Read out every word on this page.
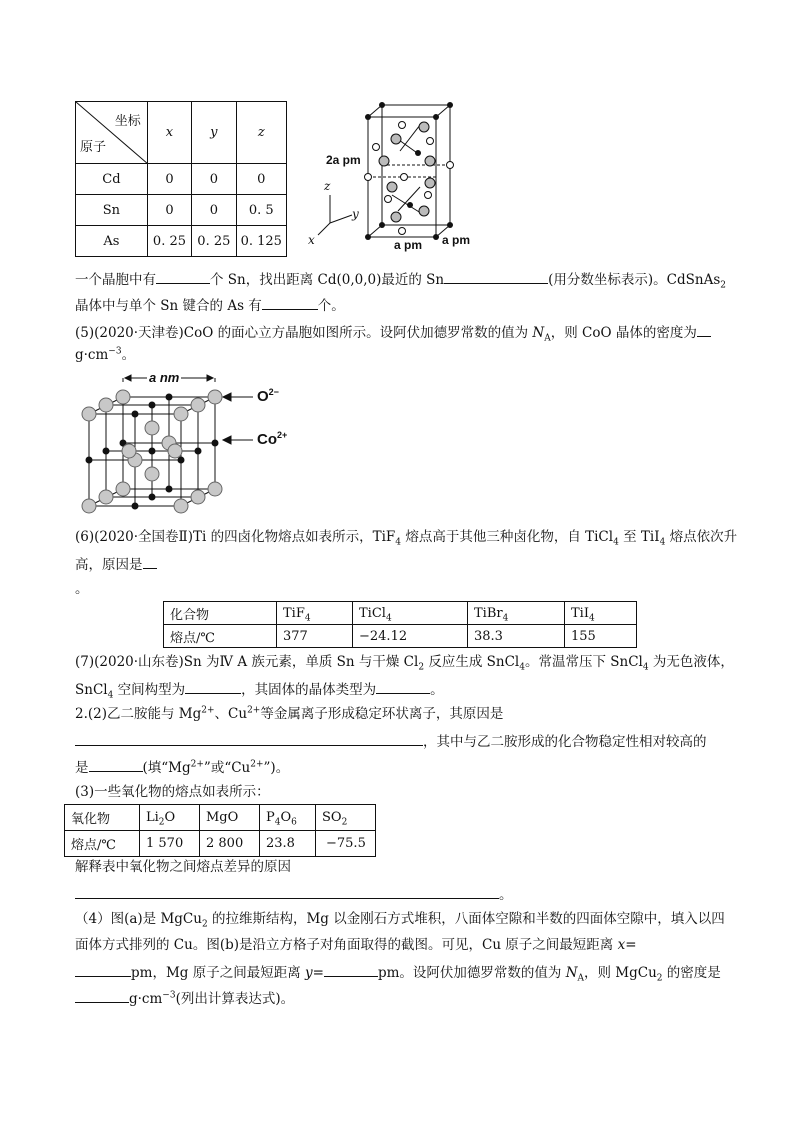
坐标
原子	x	y	z
Cd	0	0	0
Sn	0	0	0. 5
As	0. 25	0. 25	0. 125
2a pm
z
y
x	a pm a pm
一个晶胞中有	个 Sn，找出距离 Cd(0,0,0)最近的 Sn	(用分数坐标表示)。CdSnAs$_2$
晶体中与单个 Sn 键合的 As 有	个。
(5)(2020·天津卷)CoO 的面心立方晶胞如图所示。设阿伏加德罗常数的值为 $N_A$，则 CoO 晶体的密度为
$g\cdot cm^{-3}$。
a nm
$O^{2-}$
$Co^{2+}$
(6)(2020·全国卷Ⅱ)Ti 的四卤化物熔点如表所示，TiF$_4$ 熔点高于其他三种卤化物，自 TiCl$_4$ 至 TiI$_4$ 熔点依次升
高，原因是
。
化合物	TiF$_4$	TiCl$_4$	TiBr$_4$	TiI$_4$
熔点/℃	377	−24.12	38.3	155
(7)(2020·山东卷)Sn 为Ⅳ A 族元素，单质 Sn 与干燥 $Cl_2$ 反应生成 SnCl$_4$。常温常压下 SnCl$_4$ 为无色液体，
SnCl$_4$ 空间构型为	，其固体的晶体类型为	。
2.(2)乙二胺能与 $Mg^{2+}$、$Cu^{2+}$等金属离子形成稳定环状离子，其原因是
，其中与乙二胺形成的化合物稳定性相对较高的
是	(填“$Mg^{2+}$”或“$Cu^{2+}$”)。
(3)一些氧化物的熔点如表所示：
氧化物	$Li_2O$	MgO	$P_4O_6$	$SO_2$
熔点/℃	1 570	2 800	23.8	−75.5
解释表中氧化物之间熔点差异的原因
。
（4）图(a)是 MgCu$_2$ 的拉维斯结构，Mg 以金刚石方式堆积，八面体空隙和半数的四面体空隙中，填入以四
面体方式排列的 Cu。图(b)是沿立方格子对角面取得的截图。可见，Cu 原子之间最短距离 x=
pm，Mg 原子之间最短距离 y=	pm。设阿伏加德罗常数的值为 $N_A$，则 MgCu$_2$ 的密度是
$g\cdot cm^{-3}$(列出计算表达式)。
